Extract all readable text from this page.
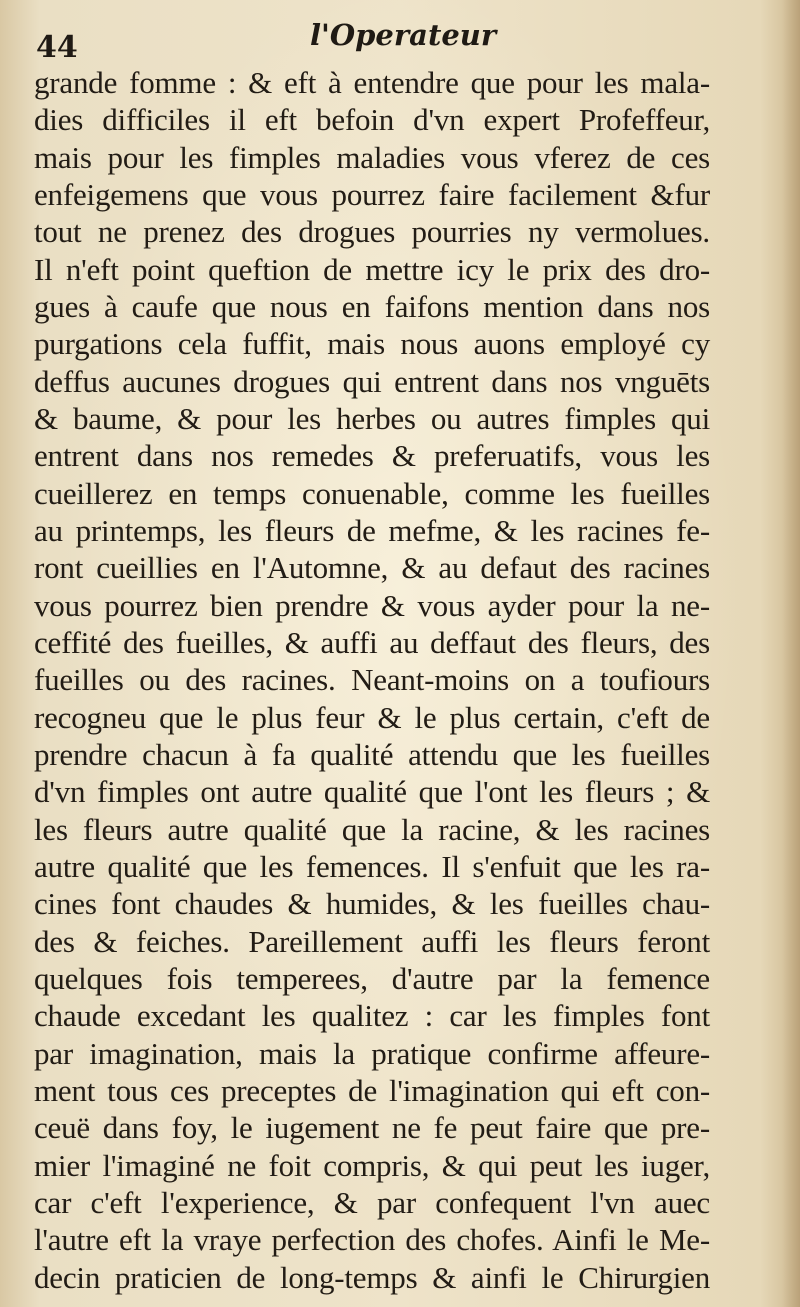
44	l'Operateur
grande fomme : & eft à entendre que pour les mala-
dies difficiles il eft befoin d'vn expert Profeffeur,
mais pour les fimples maladies vous vferez de ces
enfeigemens que vous pourrez faire facilement &fur
tout ne prenez des drogues pourries ny vermolues.
Il n'eft point queftion de mettre icy le prix des dro-
gues à caufe que nous en faifons mention dans nos
purgations cela fuffit, mais nous auons employé cy
deffus aucunes drogues qui entrent dans nos vnguēts
& baume, & pour les herbes ou autres fimples qui
entrent dans nos remedes & preferuatifs, vous les
cueillerez en temps conuenable, comme les fueilles
au printemps, les fleurs de mefme, & les racines fe-
ront cueillies en l'Automne, & au defaut des racines
vous pourrez bien prendre & vous ayder pour la ne-
ceffité des fueilles, & auffi au deffaut des fleurs, des
fueilles ou des racines. Neant-moins on a toufiours
recogneu que le plus feur & le plus certain, c'eft de
prendre chacun à fa qualité attendu que les fueilles
d'vn fimples ont autre qualité que l'ont les fleurs ; &
les fleurs autre qualité que la racine, & les racines
autre qualité que les femences. Il s'enfuit que les ra-
cines font chaudes & humides, & les fueilles chau-
des & feiches. Pareillement auffi les fleurs feront
quelques fois temperees, d'autre par la femence
chaude excedant les qualitez : car les fimples font
par imagination, mais la pratique confirme affeure-
ment tous ces preceptes de l'imagination qui eft con-
ceuë dans foy, le iugement ne fe peut faire que pre-
mier l'imaginé ne foit compris, & qui peut les iuger,
car c'eft l'experience, & par confequent l'vn auec
l'autre eft la vraye perfection des chofes. Ainfi le Me-
decin praticien de long-temps & ainfi le Chirurgien
